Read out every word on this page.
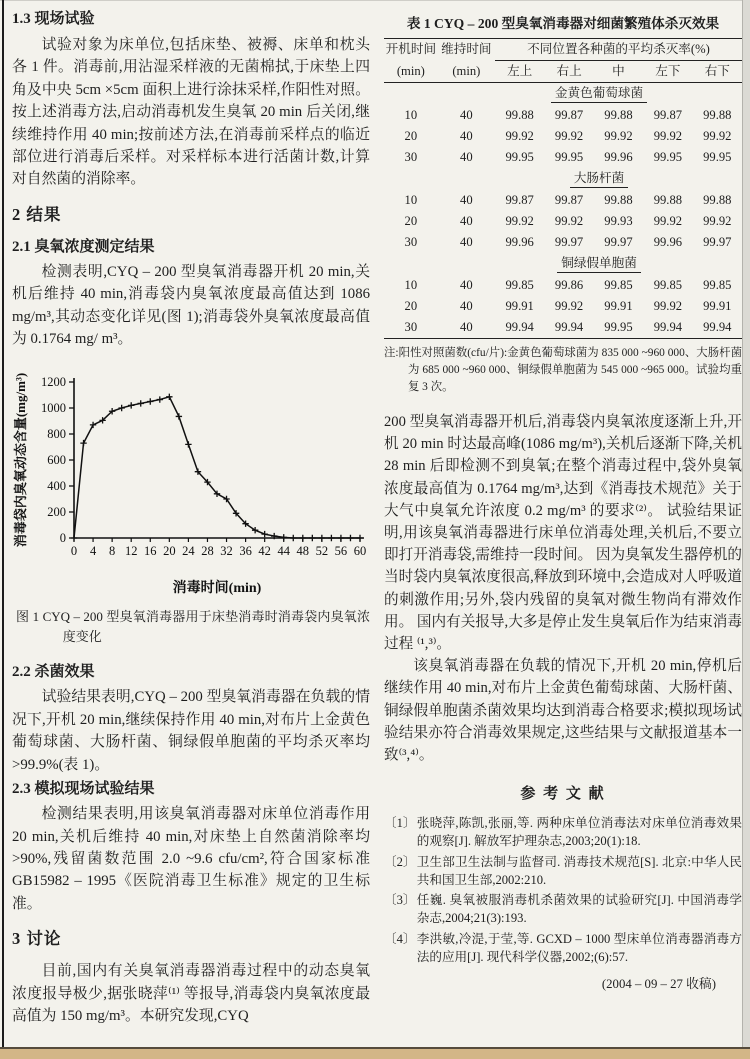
1.3 现场试验

试验对象为床单位,包括床垫、被褥、床单和枕头各 1 件。消毒前,用沾湿采样液的无菌棉拭,于床垫上四角及中央 5cm ×5cm 面积上进行涂抹采样,作阳性对照。按上述消毒方法,启动消毒机发生臭氧 20 min 后关闭,继续维持作用 40 min;按前述方法,在消毒前采样点的临近部位进行消毒后采样。对采样标本进行活菌计数,计算对自然菌的消除率。

2 结果
2.1 臭氧浓度测定结果

检测表明,CYQ – 200 型臭氧消毒器开机 20 min,关机后维持 40 min,消毒袋内臭氧浓度最高值达到 1086 mg/m³,其动态变化详见(图 1);消毒袋外臭氧浓度最高值为 0.1764 mg/ m³。

0
200
400
600
800
1000
1200
0 4 8 12 16 20 24 28 32 36 42 44 48 52 56 60
消毒时间(min)
消毒袋内臭氧动态含量(mg/m³)
图 1 CYQ – 200 型臭氧消毒器用于床垫消毒时消毒袋内臭氧浓度变化
2.2 杀菌效果

试验结果表明,CYQ – 200 型臭氧消毒器在负载的情况下,开机 20 min,继续保持作用 40 min,对布片上金黄色葡萄球菌、大肠杆菌、铜绿假单胞菌的平均杀灭率均 >99.9%(表 1)。

2.3 模拟现场试验结果

检测结果表明,用该臭氧消毒器对床单位消毒作用 20 min,关机后维持 40 min,对床垫上自然菌消除率均 >90%,残留菌数范围 2.0 ~9.6 cfu/cm²,符合国家标准 GB15982 – 1995《医院消毒卫生标准》规定的卫生标准。

3 讨论

目前,国内有关臭氧消毒器消毒过程中的动态臭氧浓度报导极少,据张晓萍⁽¹⁾ 等报导,消毒袋内臭氧浓度最高值为 150 mg/m³。本研究发现,CYQ

表 1 CYQ – 200 型臭氧消毒器对细菌繁殖体杀灭效果
开机时间	维持时间	不同位置各种菌的平均杀灭率(%)				
(min)	(min)	左上	右上	中	左下	右下
金黄色葡萄球菌						
10	40	99.88	99.87	99.88	99.87	99.88
20	40	99.92	99.92	99.92	99.92	99.92
30	40	99.95	99.95	99.96	99.95	99.95
大肠杆菌						
10	40	99.87	99.87	99.88	99.88	99.88
20	40	99.92	99.92	99.93	99.92	99.92
30	40	99.96	99.97	99.97	99.96	99.97
铜绿假单胞菌						
10	40	99.85	99.86	99.85	99.85	99.85
20	40	99.91	99.92	99.91	99.92	99.91
30	40	99.94	99.94	99.95	99.94	99.94

注:阳性对照菌数(cfu/片):金黄色葡萄球菌为 835 000 ~960 000、大肠杆菌为 685 000 ~960 000、铜绿假单胞菌为 545 000 ~965 000。试验均重复 3 次。

200 型臭氧消毒器开机后,消毒袋内臭氧浓度逐渐上升,开机 20 min 时达最高峰(1086 mg/m³),关机后逐渐下降,关机 28 min 后即检测不到臭氧;在整个消毒过程中,袋外臭氧浓度最高值为 0.1764 mg/m³,达到《消毒技术规范》关于大气中臭氧允许浓度 0.2 mg/m³ 的要求⁽²⁾。 试验结果证明,用该臭氧消毒器进行床单位消毒处理,关机后,不要立即打开消毒袋,需维持一段时间。 因为臭氧发生器停机的当时袋内臭氧浓度很高,释放到环境中,会造成对人呼吸道的刺激作用;另外,袋内残留的臭氧对微生物尚有滞效作用。 国内有关报导,大多是停止发生臭氧后作为结束消毒过程 ⁽¹,³⁾。

该臭氧消毒器在负载的情况下,开机 20 min,停机后继续作用 40 min,对布片上金黄色葡萄球菌、大肠杆菌、铜绿假单胞菌杀菌效果均达到消毒合格要求;模拟现场试验结果亦符合消毒效果规定,这些结果与文献报道基本一致⁽³,⁴⁾。

参 考 文 献
〔1〕 张晓萍,陈凯,张丽,等. 两种床单位消毒法对床单位消毒效果的观察[J]. 解放军护理杂志,2003;20(1):18.
〔2〕 卫生部卫生法制与监督司. 消毒技术规范[S]. 北京:中华人民共和国卫生部,2002:210.
〔3〕 任巍. 臭氧被服消毒机杀菌效果的试验研究[J]. 中国消毒学杂志,2004;21(3):193.
〔4〕 李洪敏,冷湜,于莹,等. GCXD – 1000 型床单位消毒器消毒方法的应用[J]. 现代科学仪器,2002;(6):57.
(2004 – 09 – 27 收稿)
